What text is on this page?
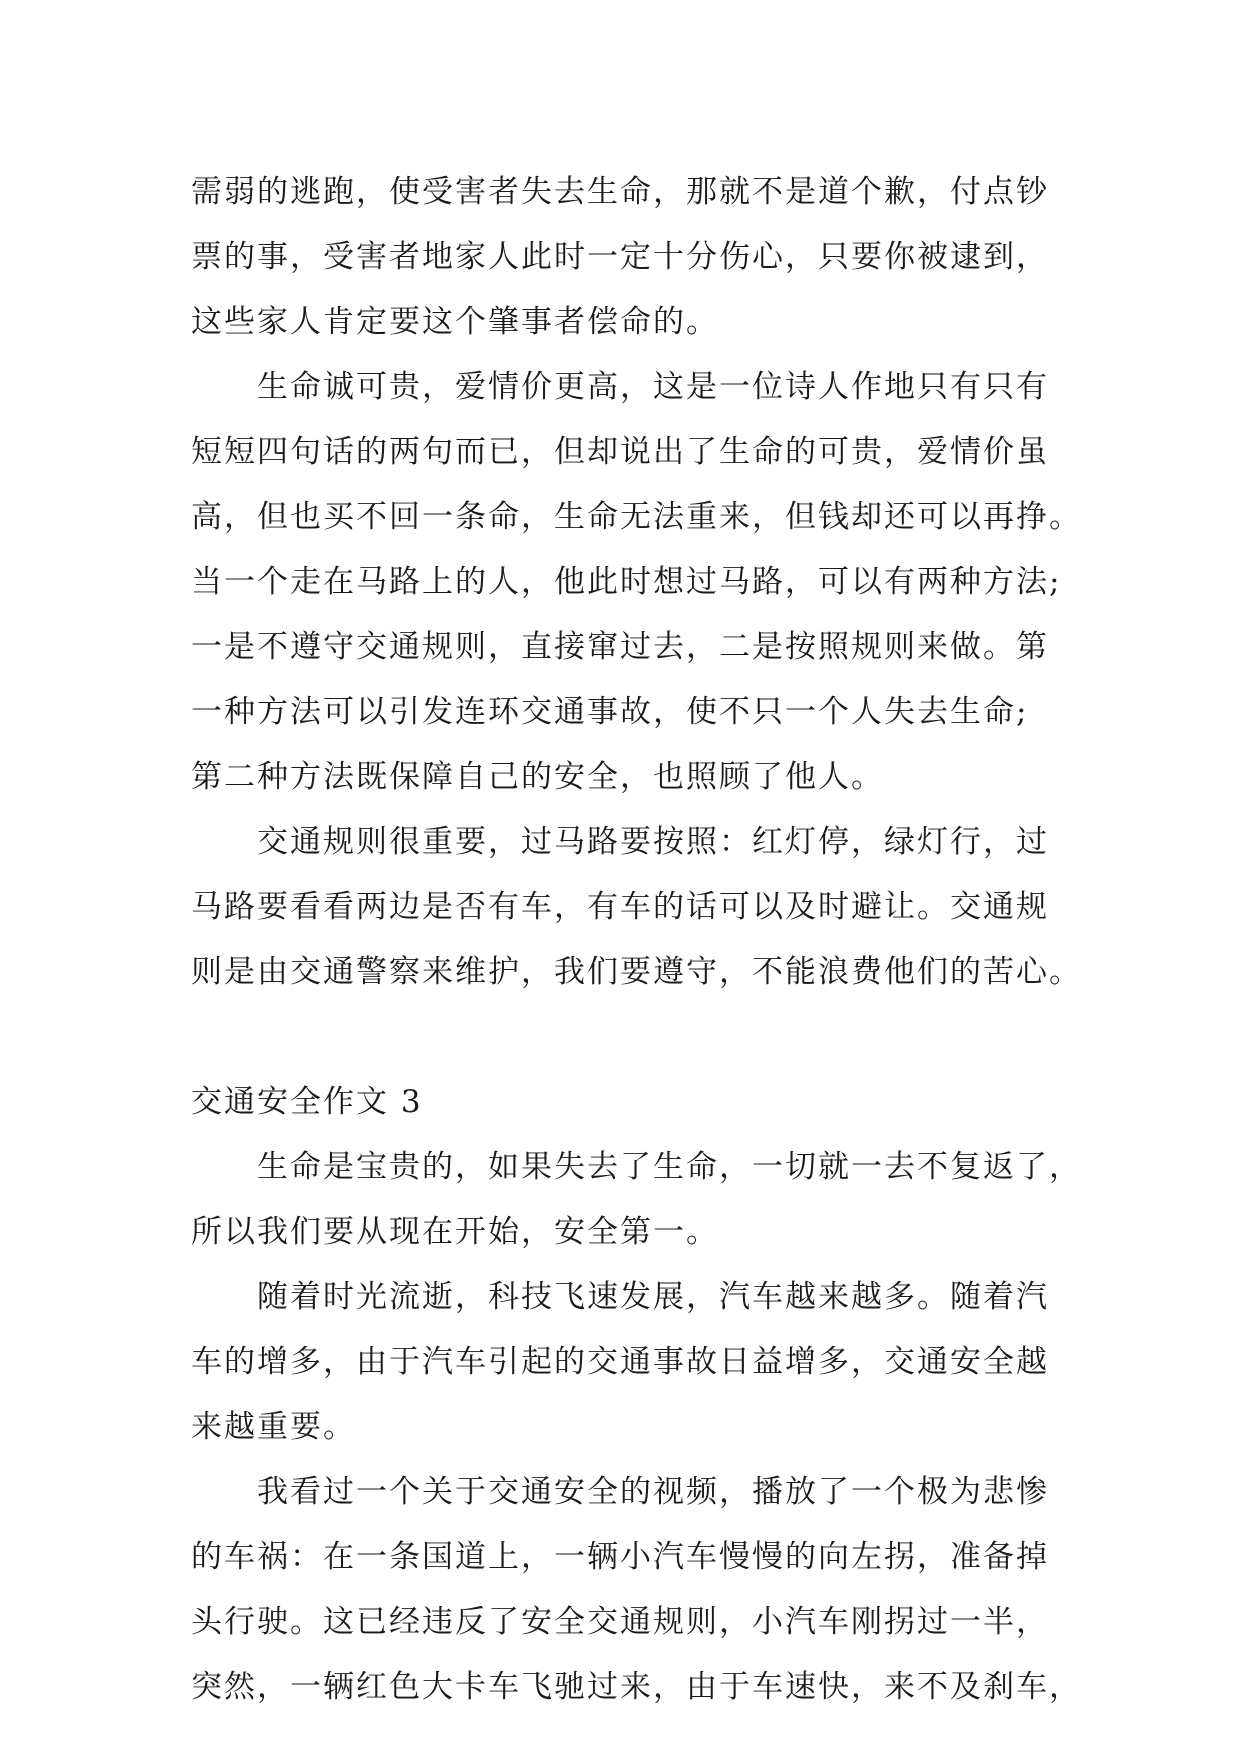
需弱的逃跑，使受害者失去生命，那就不是道个歉，付点钞
票的事，受害者地家人此时一定十分伤心，只要你被逮到，
这些家人肯定要这个肇事者偿命的。
生命诚可贵，爱情价更高，这是一位诗人作地只有只有
短短四句话的两句而已，但却说出了生命的可贵，爱情价虽
高，但也买不回一条命，生命无法重来，但钱却还可以再挣。
当一个走在马路上的人，他此时想过马路，可以有两种方法;
一是不遵守交通规则，直接窜过去，二是按照规则来做。第
一种方法可以引发连环交通事故，使不只一个人失去生命;
第二种方法既保障自己的安全，也照顾了他人。
交通规则很重要，过马路要按照：红灯停，绿灯行，过
马路要看看两边是否有车，有车的话可以及时避让。交通规
则是由交通警察来维护，我们要遵守，不能浪费他们的苦心。
交通安全作文 3
生命是宝贵的，如果失去了生命，一切就一去不复返了，
所以我们要从现在开始，安全第一。
随着时光流逝，科技飞速发展，汽车越来越多。随着汽
车的增多，由于汽车引起的交通事故日益增多，交通安全越
来越重要。
我看过一个关于交通安全的视频，播放了一个极为悲惨
的车祸：在一条国道上，一辆小汽车慢慢的向左拐，准备掉
头行驶。这已经违反了安全交通规则，小汽车刚拐过一半，
突然，一辆红色大卡车飞驰过来，由于车速快，来不及刹车，
